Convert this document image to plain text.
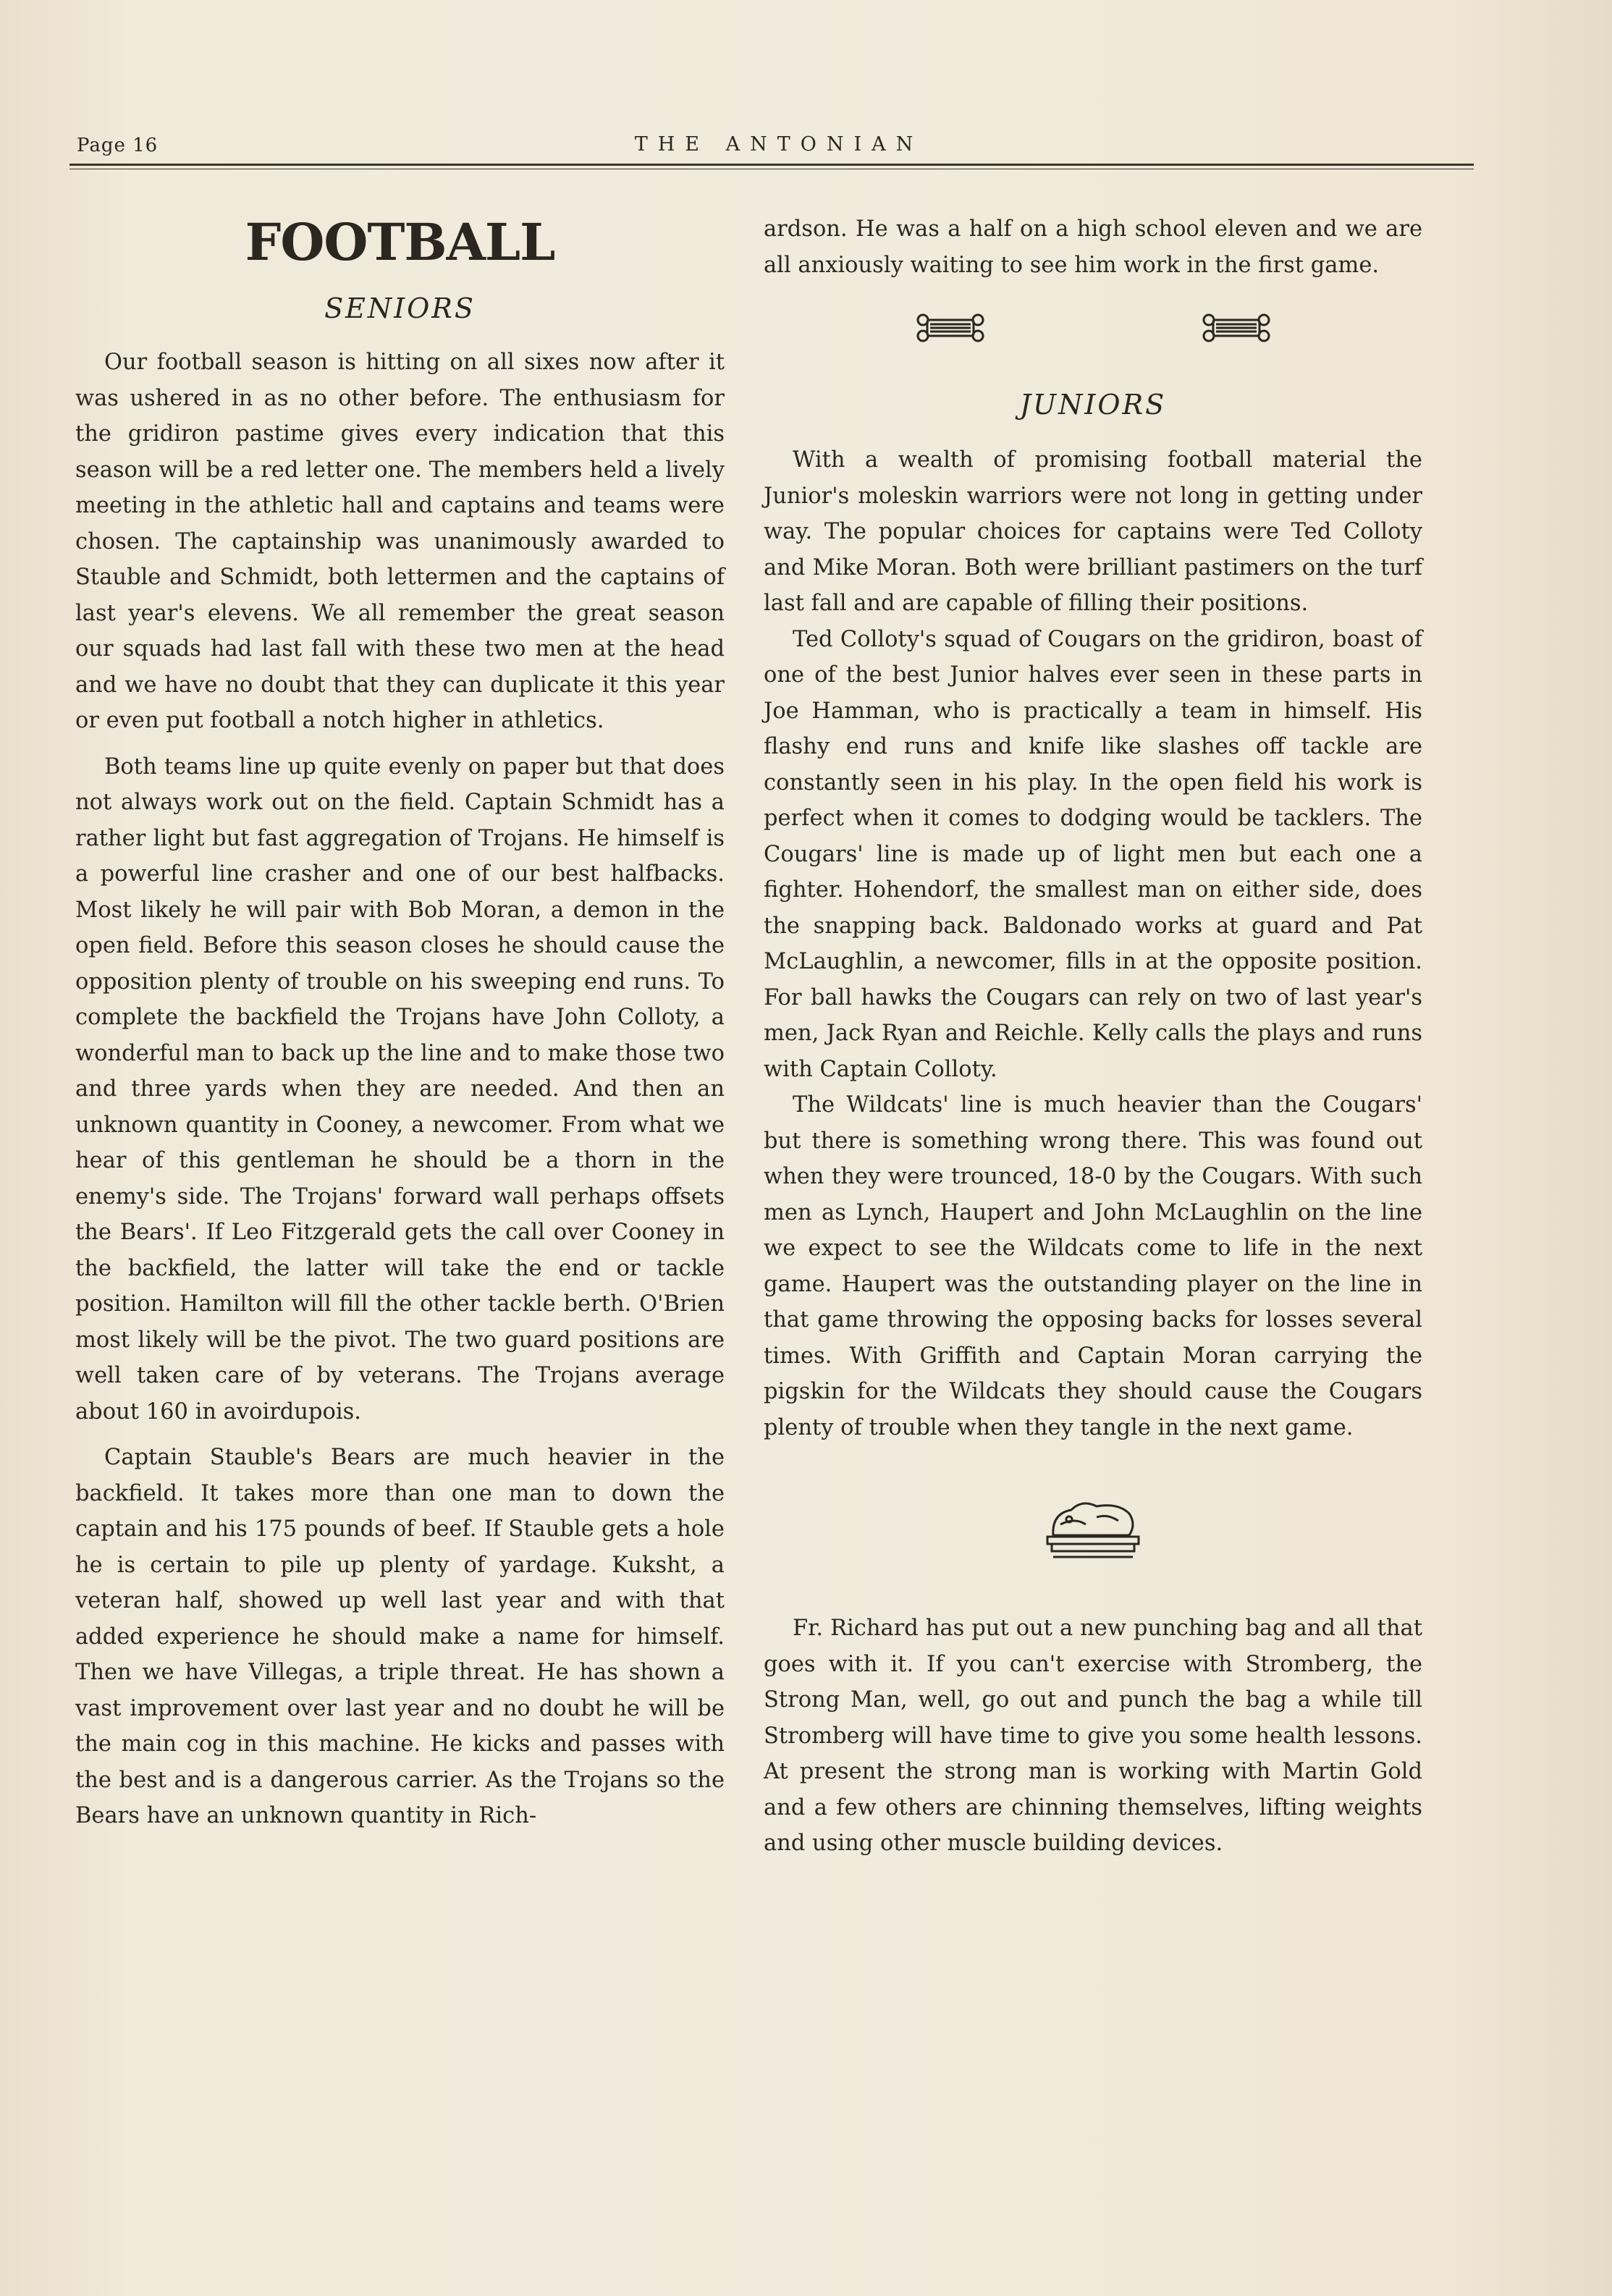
Page 16	THE ANTONIAN
FOOTBALL
SENIORS

Our football season is hitting on all sixes now after it was ushered in as no other before. The enthusiasm for the gridiron pastime gives every indication that this season will be a red letter one. The members held a lively meeting in the athletic hall and captains and teams were chosen. The captainship was unanimously awarded to Stauble and Schmidt, both lettermen and the captains of last year's elevens. We all remember the great season our squads had last fall with these two men at the head and we have no doubt that they can duplicate it this year or even put football a notch higher in athletics.

Both teams line up quite evenly on paper but that does not always work out on the field. Captain Schmidt has a rather light but fast aggregation of Trojans. He himself is a powerful line crasher and one of our best halfbacks. Most likely he will pair with Bob Moran, a demon in the open field. Before this season closes he should cause the opposition plenty of trouble on his sweeping end runs. To complete the backfield the Trojans have John Colloty, a wonderful man to back up the line and to make those two and three yards when they are needed. And then an unknown quantity in Cooney, a newcomer. From what we hear of this gentleman he should be a thorn in the enemy's side. The Trojans' forward wall perhaps offsets the Bears'. If Leo Fitzgerald gets the call over Cooney in the backfield, the latter will take the end or tackle position. Hamilton will fill the other tackle berth. O'Brien most likely will be the pivot. The two guard positions are well taken care of by veterans. The Trojans average about 160 in avoirdupois.

Captain Stauble's Bears are much heavier in the backfield. It takes more than one man to down the captain and his 175 pounds of beef. If Stauble gets a hole he is certain to pile up plenty of yardage. Kuksht, a veteran half, showed up well last year and with that added experience he should make a name for himself. Then we have Villegas, a triple threat. He has shown a vast improvement over last year and no doubt he will be the main cog in this machine. He kicks and passes with the best and is a dangerous carrier. As the Trojans so the Bears have an unknown quantity in Rich-

ardson. He was a half on a high school eleven and we are all anxiously waiting to see him work in the first game.

JUNIORS

With a wealth of promising football material the Junior's moleskin warriors were not long in getting under way. The popular choices for captains were Ted Colloty and Mike Moran. Both were brilliant pastimers on the turf last fall and are capable of filling their positions.

Ted Colloty's squad of Cougars on the gridiron, boast of one of the best Junior halves ever seen in these parts in Joe Hamman, who is practically a team in himself. His flashy end runs and knife like slashes off tackle are constantly seen in his play. In the open field his work is perfect when it comes to dodging would be tacklers. The Cougars' line is made up of light men but each one a fighter. Hohendorf, the smallest man on either side, does the snapping back. Baldonado works at guard and Pat McLaughlin, a newcomer, fills in at the opposite position. For ball hawks the Cougars can rely on two of last year's men, Jack Ryan and Reichle. Kelly calls the plays and runs with Captain Colloty.

The Wildcats' line is much heavier than the Cougars' but there is something wrong there. This was found out when they were trounced, 18-0 by the Cougars. With such men as Lynch, Haupert and John McLaughlin on the line we expect to see the Wildcats come to life in the next game. Haupert was the outstanding player on the line in that game throwing the opposing backs for losses several times. With Griffith and Captain Moran carrying the pigskin for the Wildcats they should cause the Cougars plenty of trouble when they tangle in the next game.

Fr. Richard has put out a new punching bag and all that goes with it. If you can't exercise with Stromberg, the Strong Man, well, go out and punch the bag a while till Stromberg will have time to give you some health lessons. At present the strong man is working with Martin Gold and a few others are chinning themselves, lifting weights and using other muscle building devices.
